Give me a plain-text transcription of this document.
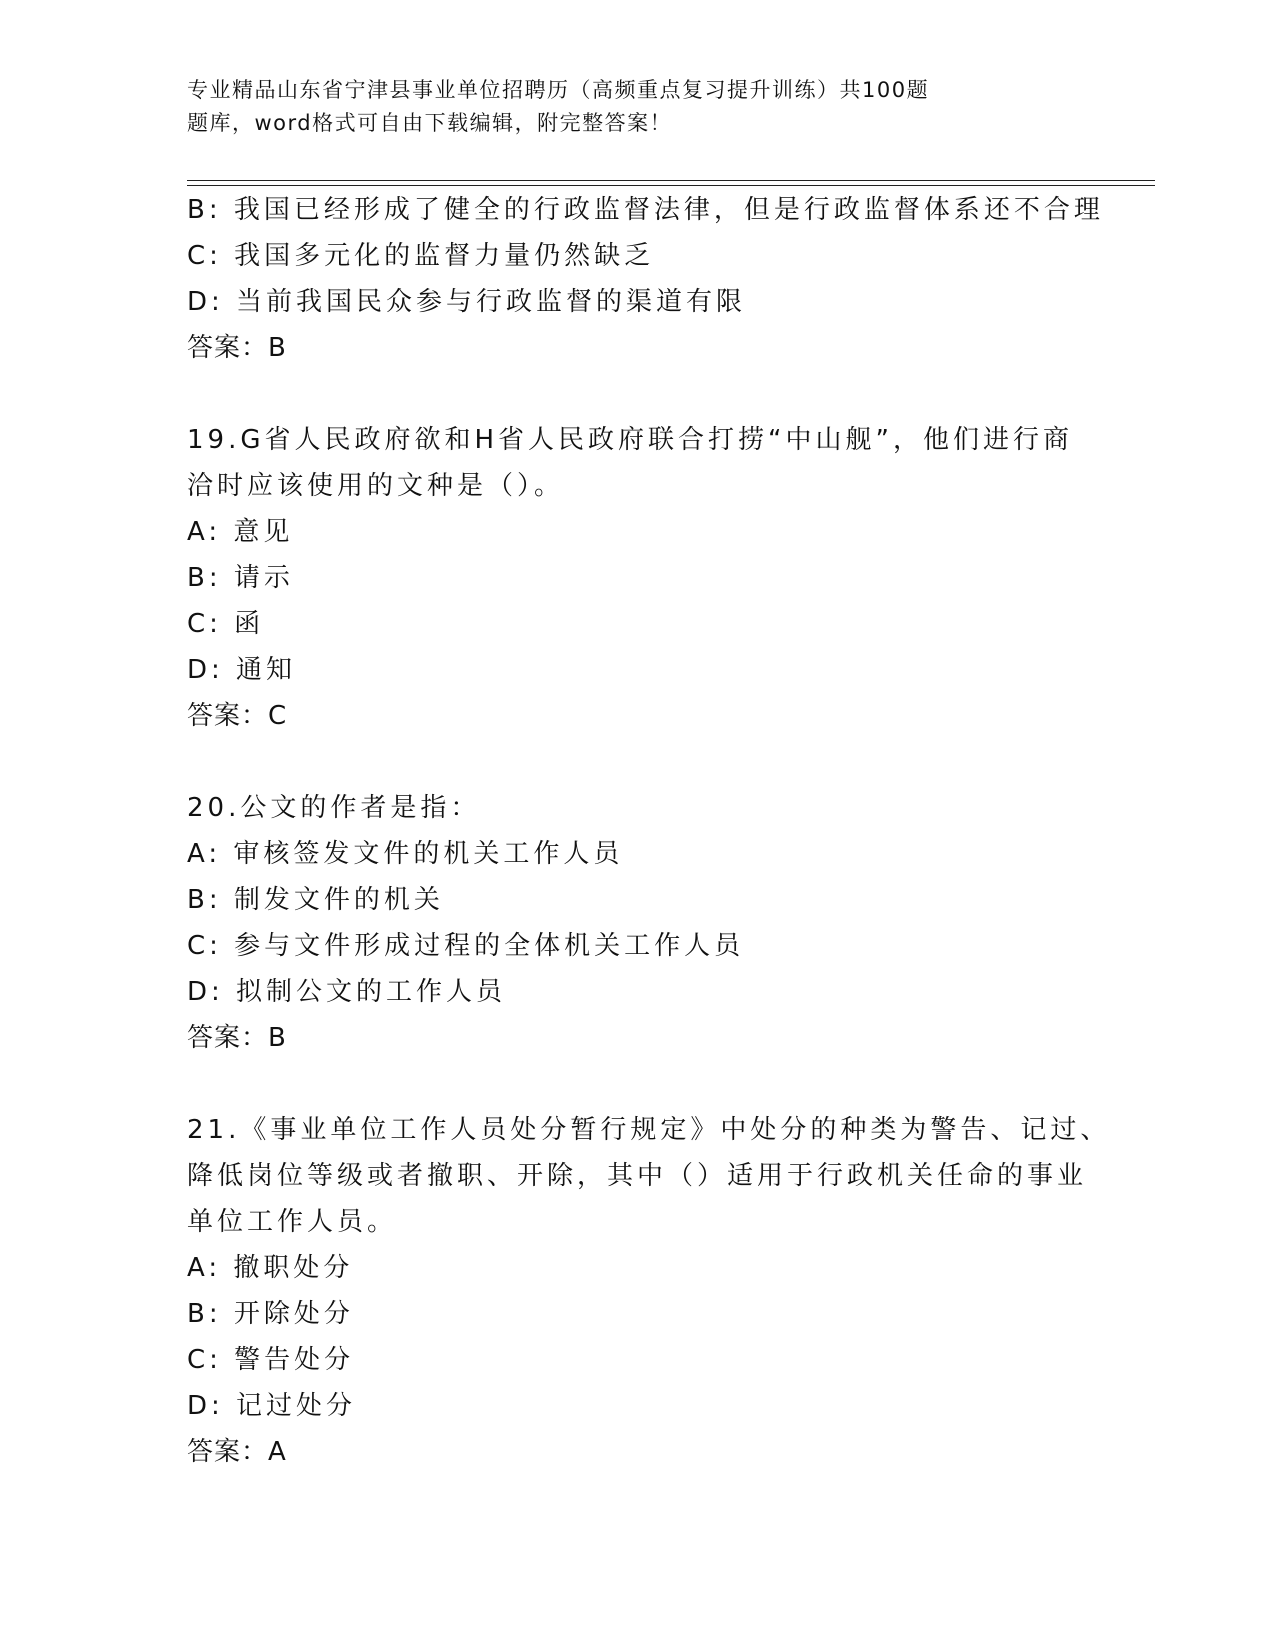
专业精品山东省宁津县事业单位招聘历（高频重点复习提升训练）共100题
题库，word格式可自由下载编辑，附完整答案！
B: 我国已经形成了健全的行政监督法律，但是行政监督体系还不合理
C: 我国多元化的监督力量仍然缺乏
D: 当前我国民众参与行政监督的渠道有限
答案：B
19.G省人民政府欲和H省人民政府联合打捞“中山舰”，他们进行商
洽时应该使用的文种是（）。
A: 意见
B: 请示
C: 函
D: 通知
答案：C
20.公文的作者是指：
A: 审核签发文件的机关工作人员
B: 制发文件的机关
C: 参与文件形成过程的全体机关工作人员
D: 拟制公文的工作人员
答案：B
21.《事业单位工作人员处分暂行规定》中处分的种类为警告、记过、
降低岗位等级或者撤职、开除，其中（）适用于行政机关任命的事业
单位工作人员。
A: 撤职处分
B: 开除处分
C: 警告处分
D: 记过处分
答案：A
